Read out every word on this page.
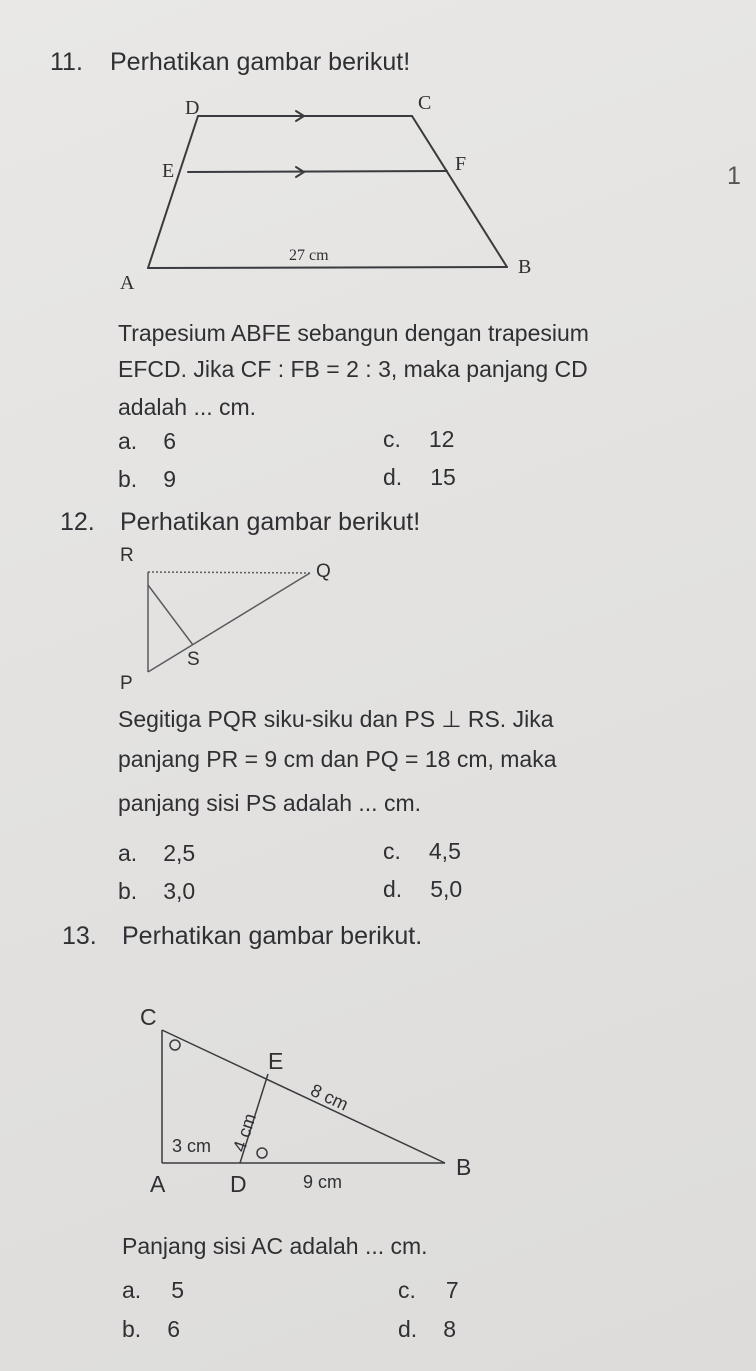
11. Perhatikan gambar berikut!
1
D	C
E	F
A
B
27 cm
Trapesium ABFE sebangun dengan trapesium
EFCD. Jika CF : FB = 2 : 3, maka panjang CD
adalah ... cm.
a. 6
b. 9
c. 12
d. 15
12. Perhatikan gambar berikut!
R
Q
S
P
Segitiga PQR siku-siku dan PS ⊥ RS. Jika
panjang PR = 9 cm dan PQ = 18 cm, maka
panjang sisi PS adalah ... cm.
a. 2,5
b. 3,0
c. 4,5
d. 5,0
13. Perhatikan gambar berikut.
C
E
A	D
B
8 cm
4 cm
3 cm
9 cm
Panjang sisi AC adalah ... cm.
a. 5
b. 6
c. 7
d. 8
